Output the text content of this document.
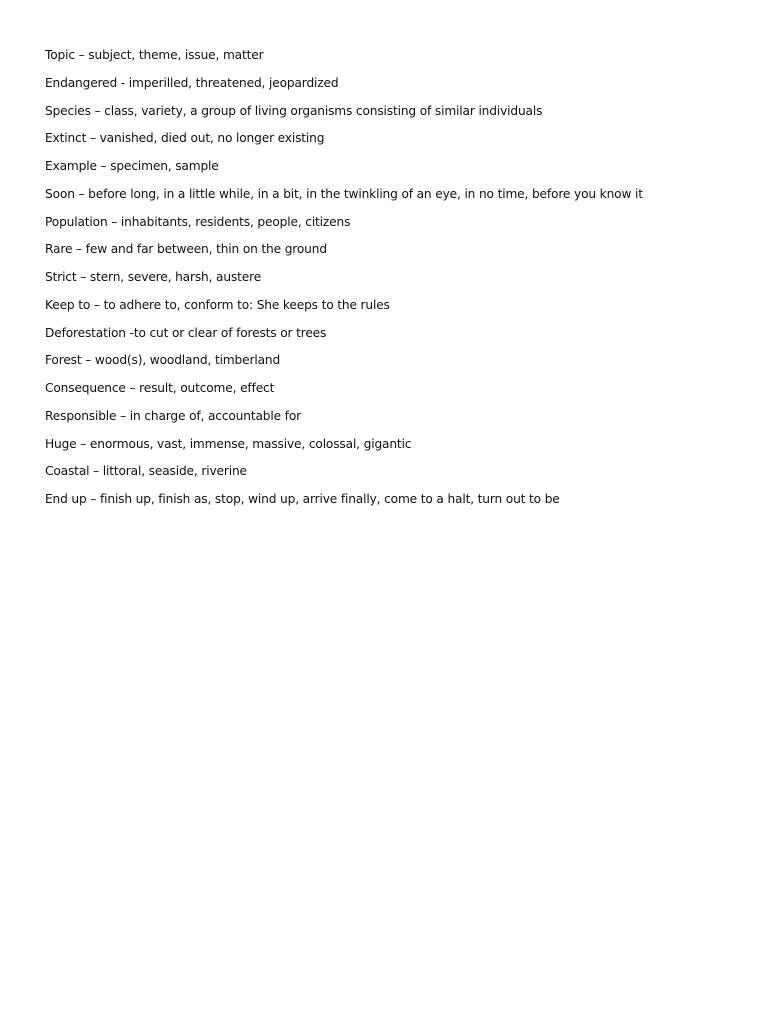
Topic – subject, theme, issue, matter
Endangered - imperilled, threatened, jeopardized
Species – class, variety, a group of living organisms consisting of similar individuals
Extinct – vanished, died out, no longer existing
Example – specimen, sample
Soon – before long, in a little while, in a bit, in the twinkling of an eye, in no time, before you know it
Population – inhabitants, residents, people, citizens
Rare – few and far between, thin on the ground
Strict – stern, severe, harsh, austere
Keep to – to adhere to, conform to: She keeps to the rules
Deforestation -to cut or clear of forests or trees
Forest – wood(s), woodland, timberland
Consequence – result, outcome, effect
Responsible – in charge of, accountable for
Huge – enormous, vast, immense, massive, colossal, gigantic
Coastal – littoral, seaside, riverine
End up – finish up, finish as, stop, wind up, arrive finally, come to a halt, turn out to be
